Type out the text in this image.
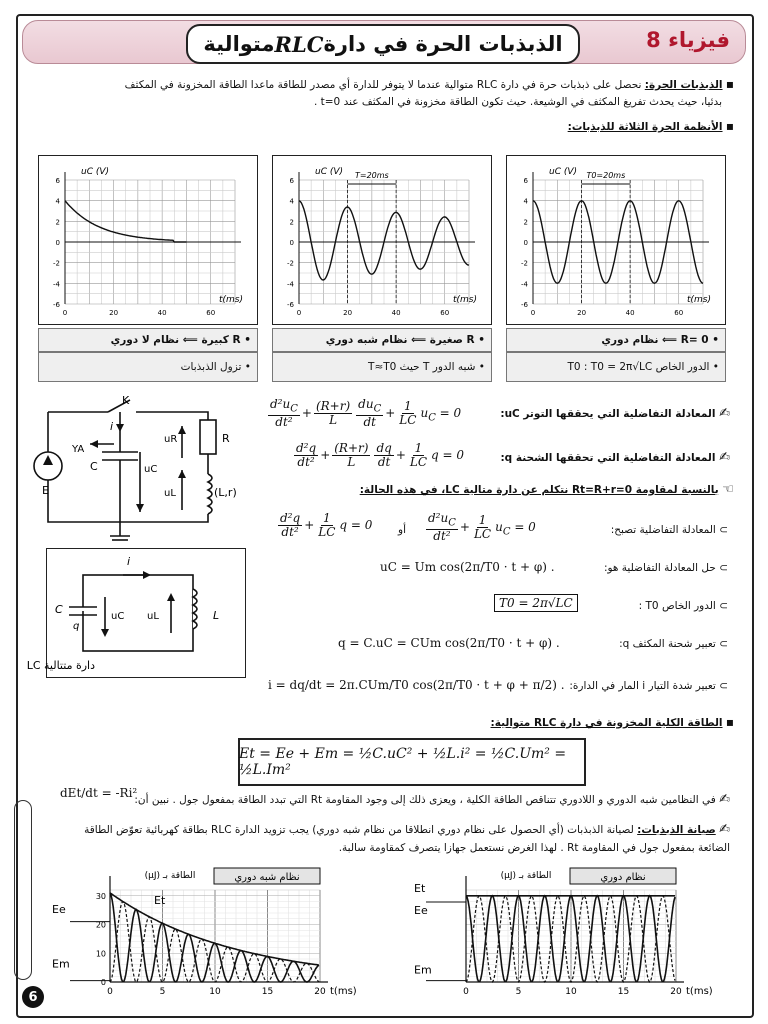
الذبذبات الحرة في دارة
RLC
متوالية	فيزياء 8
▪ الذبذبات الحرة: نحصل على ذبذبات حرة في دارة RLC متوالية عندما لا يتوفر للدارة أي مصدر للطاقة ماعدا الطاقة المخزونة في المكثف
بدئيا، حيث يحدث تفريغ المكثف في الوشيعة. حيث تكون الطاقة مخزونة في المكثف عند t=0 .
▪ الأنظمة الحرة الثلاثة للذبذبات:
-6
-4
-2
0
2
4
6
0	20	40	60
uC (V)
t(ms)	-6
-4
-2
0
2
4
6
0	20	40	60
uC (V)
t(ms)
T=20ms
-6
-4
-2
0
2
4
6
0	20	40	60
uC (V)
t(ms)
T0=20ms
•
R كبيرة ⟸ نظام لا دوري
•
تزول الذبذبات
•
R صغيرة ⟸ نظام شبه دوري
•
شبه الدور T حيث T≈T0
•
R= 0 ⟸ نظام دوري
•
الدور الخاص T0 : T0 = 2π√LC
K
i
YA
C	uC
E
uR	R
uL	(L,r)
i
C
q
uC uL	L
دارة متتالية LC
✍ المعادلة التفاضلية التي يحققها التوتر uC:
$\frac{d^2u_C}{\text{dt²}} + \frac{(R+r)}{L} \frac{du_C}{dt} + \frac{1}{LC} u_C = 0$
✍ المعادلة التفاضلية التي تحققها الشحنة q:
$\frac{\text{d²q}}{\text{dt²}} + \frac{(R+r)}{L} \frac{dq}{dt} + \frac{1}{LC}$ q = 0
☜ بالنسبة لمقاومة Rt=R+r=0 نتكلم عن دارة متالية LC، في هذه الحالة:
⊃ المعادلة التفاضلية تصبح:
$\frac{\text{d²q}}{\text{dt²}} + \frac{1}{LC}$ q = 0 أو $\frac{d^2u_C}{\text{dt²}} + \frac{1}{LC} u_C = 0$
⊃ حل المعادلة التفاضلية هو:
uC = Um cos(2π/T0 · t + φ) .
⊃ الدور الخاص T0 :
T0 = 2π√LC
⊃ تعبير شحنة المكثف q:
q = C.uC = CUm cos(2π/T0 · t + φ) .
⊃ تعبير شدة التيار i المار في الدارة:
i = dq/dt = 2π.CUm/T0 cos(2π/T0 · t + φ + π/2) .
▪ الطاقة الكلية المخزونة في دارة RLC متوالية:
Et = Ee + Em = ½C.uC² + ½L.i² = ½C.Um² = ½L.Im²
✍ في النظامين شبه الدوري و اللادوري تتناقص الطاقة الكلية ، ويعزى ذلك إلى وجود المقاومة Rt التي تبدد الطاقة بمفعول جول . نبين أن:
dEt/dt = -Ri²
✍ صيانة الذبذبات: لصيانة الذبذبات (أي الحصول على نظام دوري انطلاقا من نظام شبه دوري) يجب تزويد الدارة RLC بطاقة كهربائية تعوّض الطاقة
الضائعة بمفعول جول في المقاومة Rt . لهذا الغرض نستعمل جهازا يتصرف كمقاومة سالبة.
0	5	10	15	20
0
10
20
30
t(ms)
نظام شبه دوري
الطاقة بـ (μJ)
Et
Ee
Em
0	5	10	15	20 t(ms)
نظام دوري
الطاقة بـ (μJ)
Et
Ee
Em
6
